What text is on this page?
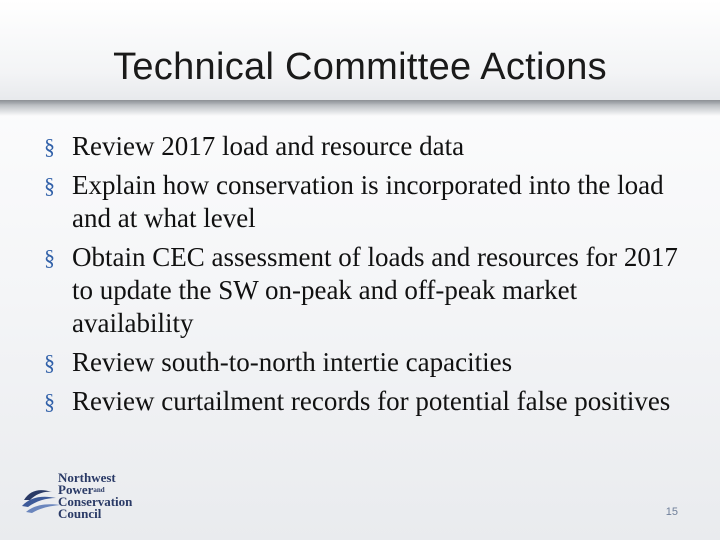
Technical Committee Actions
§ Review 2017 load and resource data
§ Explain how conservation is incorporated into the load and at what level
§ Obtain CEC assessment of loads and resources for 2017 to update the SW on-peak and off-peak market availability
§ Review south-to-north intertie capacities
§ Review curtailment records for potential false positives
Northwest
Power$^{and}$
Conservation
Council	15
